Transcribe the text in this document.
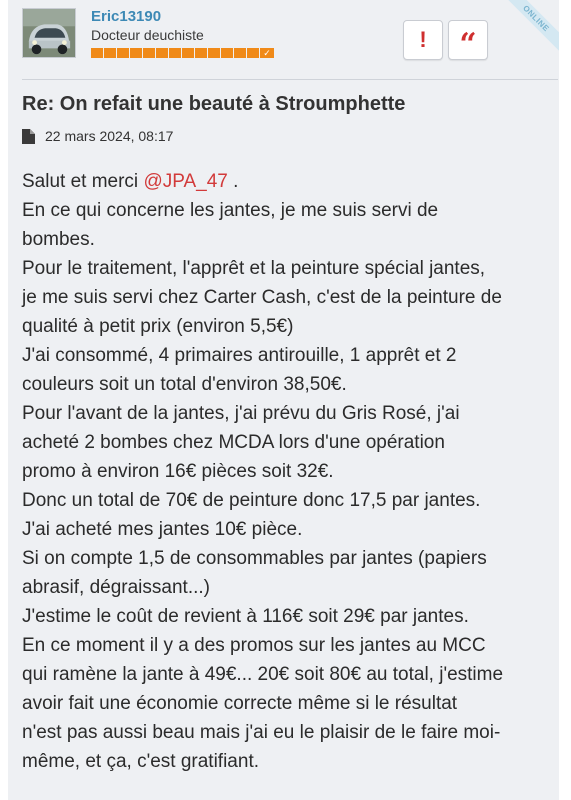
ONLINE
Eric13190
Docteur deuchiste
✓
! “
Re: On refait une beauté à Stroumphette
22 mars 2024, 08:17

Salut et merci @JPA_47 .

En ce qui concerne les jantes, je me suis servi de

bombes.

Pour le traitement, l'apprêt et la peinture spécial jantes,

je me suis servi chez Carter Cash, c'est de la peinture de

qualité à petit prix (environ 5,5€)

J'ai consommé, 4 primaires antirouille, 1 apprêt et 2

couleurs soit un total d'environ 38,50€.

Pour l'avant de la jantes, j'ai prévu du Gris Rosé, j'ai

acheté 2 bombes chez MCDA lors d'une opération

promo à environ 16€ pièces soit 32€.

Donc un total de 70€ de peinture donc 17,5 par jantes.

J'ai acheté mes jantes 10€ pièce.

Si on compte 1,5 de consommables par jantes (papiers

abrasif, dégraissant...)

J'estime le coût de revient à 116€ soit 29€ par jantes.

En ce moment il y a des promos sur les jantes au MCC

qui ramène la jante à 49€... 20€ soit 80€ au total, j'estime

avoir fait une économie correcte même si le résultat

n'est pas aussi beau mais j'ai eu le plaisir de le faire moi-

même, et ça, c'est gratifiant.
